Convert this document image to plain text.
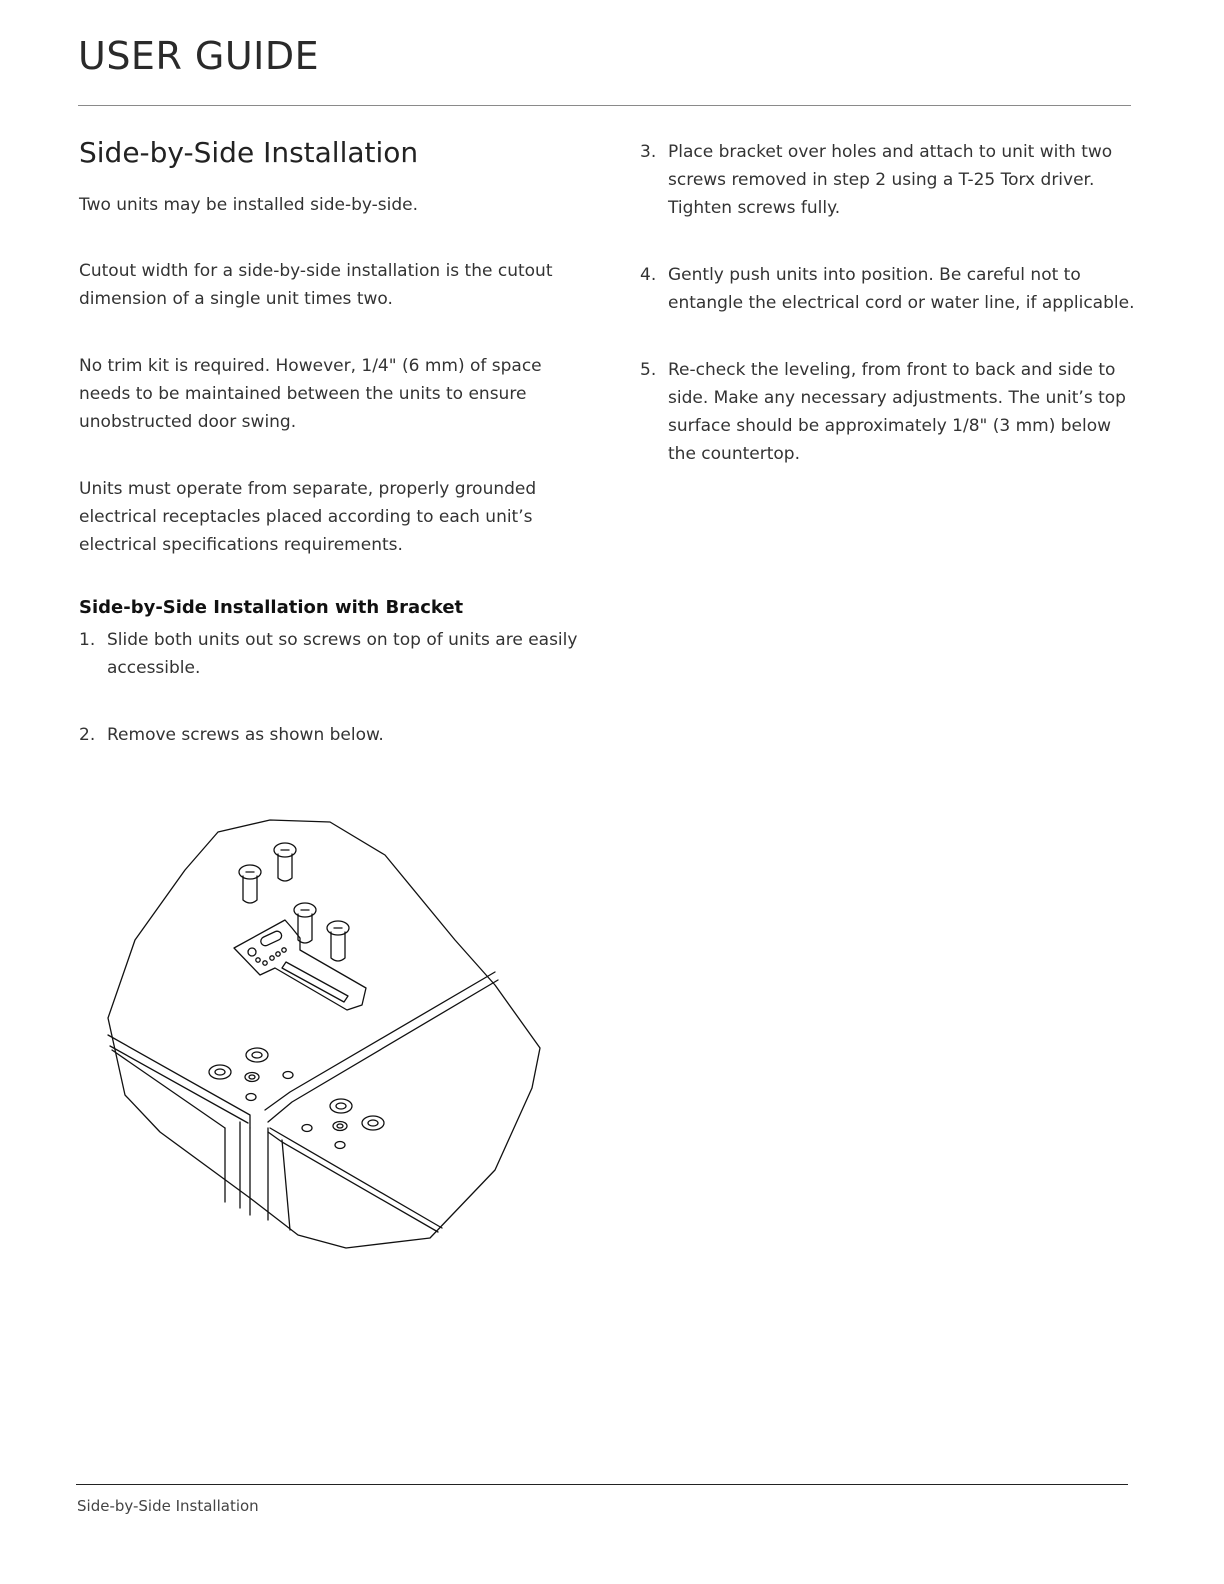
USER GUIDE
Side-by-Side Installation

Two units may be installed side-by-side.

Cutout width for a side-by-side installation is the cutout dimension of a single unit times two.

No trim kit is required. However, 1/4" (6 mm) of space needs to be maintained between the units to ensure unobstructed door swing.

Units must operate from separate, properly grounded electrical receptacles placed according to each unit’s electrical specifications requirements.

Side-by-Side Installation with Bracket
1. Slide both units out so screws on top of units are easily accessible.
2. Remove screws as shown below.
3. Place bracket over holes and attach to unit with two screws removed in step 2 using a T-25 Torx driver. Tighten screws fully.
4. Gently push units into position. Be careful not to entangle the electrical cord or water line, if applicable.
5. Re-check the leveling, from front to back and side to side. Make any necessary adjustments. The unit’s top surface should be approximately 1/8" (3 mm) below the countertop.
Side-by-Side Installation
